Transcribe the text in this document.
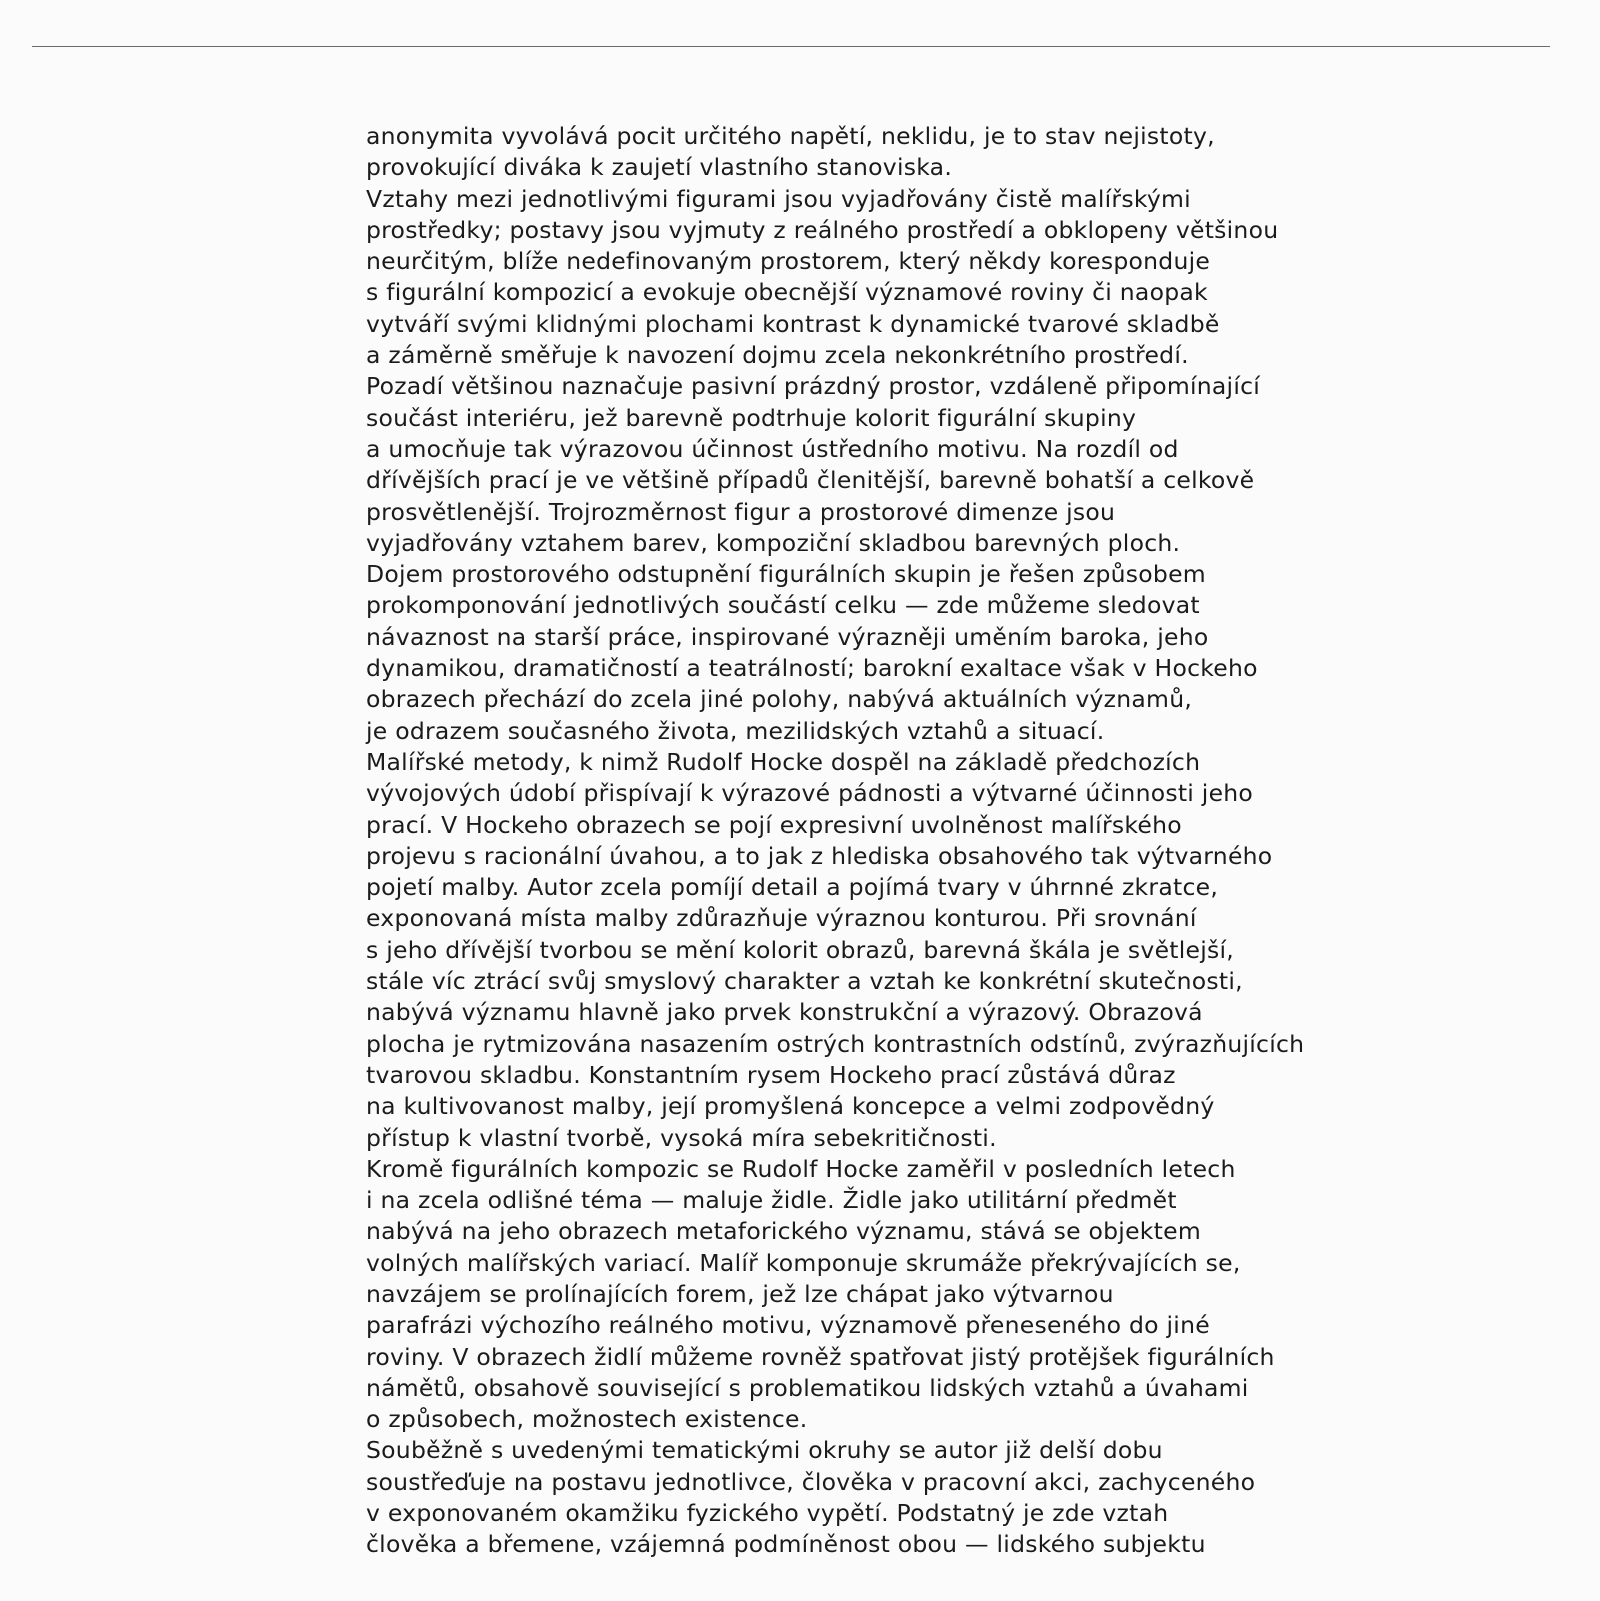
anonymita vyvolává pocit určitého napětí, neklidu, je to stav nejistoty,
provokující diváka k zaujetí vlastního stanoviska.
Vztahy mezi jednotlivými figurami jsou vyjadřovány čistě malířskými
prostředky; postavy jsou vyjmuty z reálného prostředí a obklopeny většinou
neurčitým, blíže nedefinovaným prostorem, který někdy koresponduje
s figurální kompozicí a evokuje obecnější významové roviny či naopak
vytváří svými klidnými plochami kontrast k dynamické tvarové skladbě
a záměrně směřuje k navození dojmu zcela nekonkrétního prostředí.
Pozadí většinou naznačuje pasivní prázdný prostor, vzdáleně připomínající
součást interiéru, jež barevně podtrhuje kolorit figurální skupiny
a umocňuje tak výrazovou účinnost ústředního motivu. Na rozdíl od
dřívějších prací je ve většině případů členitější, barevně bohatší a celkově
prosvětlenější. Trojrozměrnost figur a prostorové dimenze jsou
vyjadřovány vztahem barev, kompoziční skladbou barevných ploch.
Dojem prostorového odstupnění figurálních skupin je řešen způsobem
prokomponování jednotlivých součástí celku — zde můžeme sledovat
návaznost na starší práce, inspirované výrazněji uměním baroka, jeho
dynamikou, dramatičností a teatrálností; barokní exaltace však v Hockeho
obrazech přechází do zcela jiné polohy, nabývá aktuálních významů,
je odrazem současného života, mezilidských vztahů a situací.
Malířské metody, k nimž Rudolf Hocke dospěl na základě předchozích
vývojových údobí přispívají k výrazové pádnosti a výtvarné účinnosti jeho
prací. V Hockeho obrazech se pojí expresivní uvolněnost malířského
projevu s racionální úvahou, a to jak z hlediska obsahového tak výtvarného
pojetí malby. Autor zcela pomíjí detail a pojímá tvary v úhrnné zkratce,
exponovaná místa malby zdůrazňuje výraznou konturou. Při srovnání
s jeho dřívější tvorbou se mění kolorit obrazů, barevná škála je světlejší,
stále víc ztrácí svůj smyslový charakter a vztah ke konkrétní skutečnosti,
nabývá významu hlavně jako prvek konstrukční a výrazový. Obrazová
plocha je rytmizována nasazením ostrých kontrastních odstínů, zvýrazňujících
tvarovou skladbu. Konstantním rysem Hockeho prací zůstává důraz
na kultivovanost malby, její promyšlená koncepce a velmi zodpovědný
přístup k vlastní tvorbě, vysoká míra sebekritičnosti.
Kromě figurálních kompozic se Rudolf Hocke zaměřil v posledních letech
i na zcela odlišné téma — maluje židle. Židle jako utilitární předmět
nabývá na jeho obrazech metaforického významu, stává se objektem
volných malířských variací. Malíř komponuje skrumáže překrývajících se,
navzájem se prolínajících forem, jež lze chápat jako výtvarnou
parafrázi výchozího reálného motivu, významově přeneseného do jiné
roviny. V obrazech židlí můžeme rovněž spatřovat jistý protějšek figurálních
námětů, obsahově související s problematikou lidských vztahů a úvahami
o způsobech, možnostech existence.
Souběžně s uvedenými tematickými okruhy se autor již delší dobu
soustřeďuje na postavu jednotlivce, člověka v pracovní akci, zachyceného
v exponovaném okamžiku fyzického vypětí. Podstatný je zde vztah
člověka a břemene, vzájemná podmíněnost obou — lidského subjektu
